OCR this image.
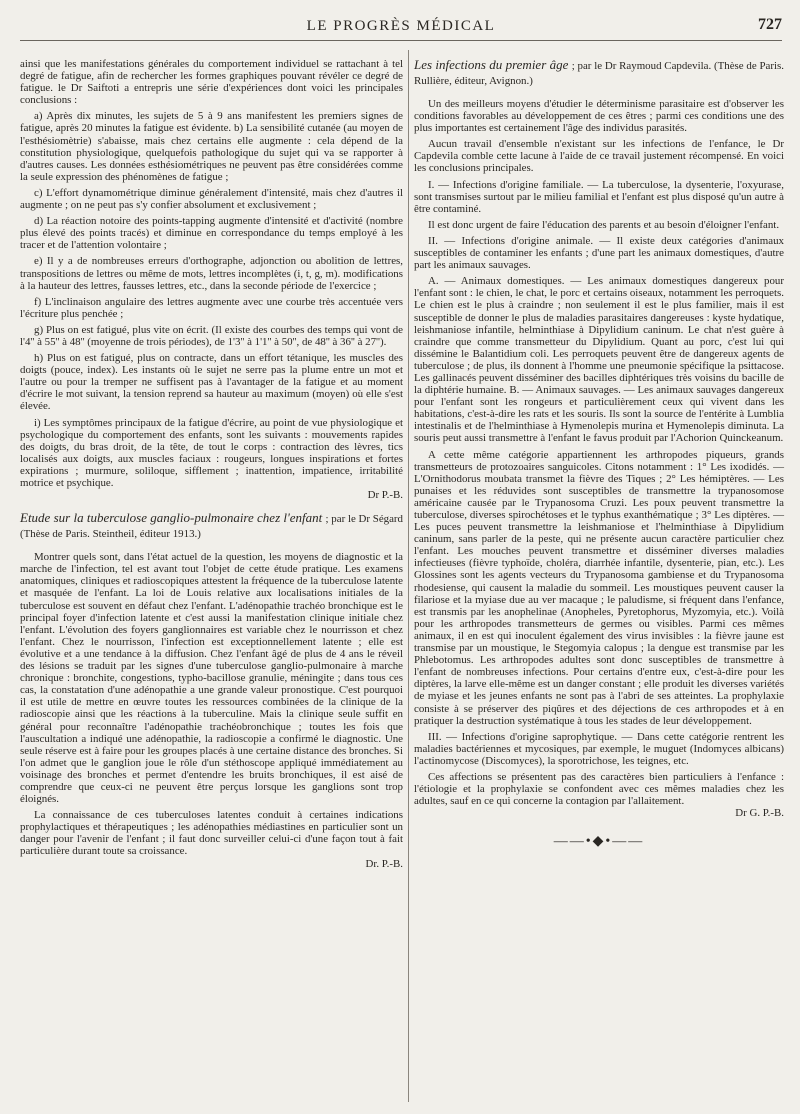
LE PROGRÈS MÉDICAL	727

ainsi que les manifestations générales du comportement individuel se rattachant à tel degré de fatigue, afin de rechercher les formes graphiques pouvant révéler ce degré de fatigue. le Dr Saiftoti a entrepris une série d'expériences dont voici les principales conclusions :

a) Après dix minutes, les sujets de 5 à 9 ans manifestent les premiers signes de fatigue, après 20 minutes la fatigue est évidente. b) La sensibilité cutanée (au moyen de l'esthésiomètrie) s'abaisse, mais chez certains elle augmente : cela dépend de la constitution physiologique, quelquefois pathologique du sujet qui va se rapporter à d'autres causes. Les données esthésiométriques ne peuvent pas être considérées comme la seule expression des phénomènes de fatigue ;

c) L'effort dynamométrique diminue généralement d'intensité, mais chez d'autres il augmente ; on ne peut pas s'y confier absolument et exclusivement ;

d) La réaction notoire des points-tapping augmente d'intensité et d'activité (nombre plus élevé des points tracés) et diminue en correspondance du temps employé à les tracer et de l'attention volontaire ;

e) Il y a de nombreuses erreurs d'orthographe, adjonction ou abolition de lettres, transpositions de lettres ou même de mots, lettres incomplètes (i, t, g, m). modifications à la hauteur des lettres, fausses lettres, etc., dans la seconde période de l'exercice ;

f) L'inclinaison angulaire des lettres augmente avec une courbe très accentuée vers l'écriture plus penchée ;

g) Plus on est fatigué, plus vite on écrit. (Il existe des courbes des temps qui vont de l'4'' à 55'' à 48'' (moyenne de trois périodes), de 1'3'' à 1'1'' à 50'', de 48'' à 36'' à 27'').

h) Plus on est fatigué, plus on contracte, dans un effort tétanique, les muscles des doigts (pouce, index). Les instants où le sujet ne serre pas la plume entre un mot et l'autre ou pour la tremper ne suffisent pas à l'avantager de la fatigue et au moment d'écrire le mot suivant, la tension reprend sa hauteur au maximum (moyen) où elle s'est élevée.

i) Les symptômes principaux de la fatigue d'écrire, au point de vue physiologique et psychologique du comportement des enfants, sont les suivants : mouvements rapides des doigts, du bras droit, de la tête, de tout le corps : contraction des lèvres, tics localisés aux doigts, aux muscles faciaux : rougeurs, longues inspirations et fortes expirations ; murmure, soliloque, sifflement ; inattention, impatience, irritabilité motrice et psychique.

Dr P.-B.

Etude sur la tuberculose ganglio-pulmonaire chez l'enfant ; par le Dr Ségard (Thèse de Paris. Steintheil, éditeur 1913.)

Montrer quels sont, dans l'état actuel de la question, les moyens de diagnostic et la marche de l'infection, tel est avant tout l'objet de cette étude pratique. Les examens anatomiques, cliniques et radioscopiques attestent la fréquence de la tuberculose latente et masquée de l'enfant. La loi de Louis relative aux localisations initiales de la tuberculose est souvent en défaut chez l'enfant. L'adénopathie trachéo bronchique est le principal foyer d'infection latente et c'est aussi la manifestation clinique initiale chez l'enfant. L'évolution des foyers ganglionnaires est variable chez le nourrisson et chez l'enfant. Chez le nourrisson, l'infection est exceptionnellement latente ; elle est évolutive et a une tendance à la diffusion. Chez l'enfant âgé de plus de 4 ans le réveil des lésions se traduit par les signes d'une tuberculose ganglio-pulmonaire à marche chronique : bronchite, congestions, typho-bacillose granulie, méningite ; dans tous ces cas, la constatation d'une adénopathie a une grande valeur pronostique. C'est pourquoi il est utile de mettre en œuvre toutes les ressources combinées de la clinique de la radioscopie ainsi que les réactions à la tuberculine. Mais la clinique seule suffit en général pour reconnaître l'adénopathie trachéobronchique ; toutes les fois que l'auscultation a indiqué une adénopathie, la radioscopie a confirmé le diagnostic. Une seule réserve est à faire pour les groupes placés à une certaine distance des bronches. Si l'on admet que le ganglion joue le rôle d'un stéthoscope appliqué immédiatement au voisinage des bronches et permet d'entendre les bruits bronchiques, il est aisé de comprendre que ceux-ci ne peuvent être perçus lorsque les ganglions sont trop éloignés.

La connaissance de ces tuberculoses latentes conduit à certaines indications prophylactiques et thérapeutiques ; les adénopathies médiastines en particulier sont un danger pour l'avenir de l'enfant ; il faut donc surveiller celui-ci d'une façon tout à fait particulière durant toute sa croissance.

Dr. P.-B.

Les infections du premier âge ; par le Dr Raymoud Capdevila. (Thèse de Paris. Rullière, éditeur, Avignon.)

Un des meilleurs moyens d'étudier le déterminisme parasitaire est d'observer les conditions favorables au développement de ces êtres ; parmi ces conditions une des plus importantes est certainement l'âge des individus parasités.

Aucun travail d'ensemble n'existant sur les infections de l'enfance, le Dr Capdevila comble cette lacune à l'aide de ce travail justement récompensé. En voici les conclusions principales.

I. — Infections d'origine familiale. — La tuberculose, la dysenterie, l'oxyurase, sont transmises surtout par le milieu familial et l'enfant est plus disposé qu'un autre à être contaminé.

Il est donc urgent de faire l'éducation des parents et au besoin d'éloigner l'enfant.

II. — Infections d'origine animale. — Il existe deux catégories d'animaux susceptibles de contaminer les enfants ; d'une part les animaux domestiques, d'autre part les animaux sauvages.

A. — Animaux domestiques. — Les animaux domestiques dangereux pour l'enfant sont : le chien, le chat, le porc et certains oiseaux, notamment les perroquets. Le chien est le plus à craindre ; non seulement il est le plus familier, mais il est susceptible de donner le plus de maladies parasitaires dangereuses : kyste hydatique, leishmaniose infantile, helminthiase à Dipylidium caninum. Le chat n'est guère à craindre que comme transmetteur du Dipylidium. Quant au porc, c'est lui qui dissémine le Balantidium coli. Les perroquets peuvent être de dangereux agents de tuberculose ; de plus, ils donnent à l'homme une pneumonie spécifique la psittacose. Les gallinacés peuvent disséminer des bacilles diphtériques très voisins du bacille de la diphtérie humaine. B. — Animaux sauvages. — Les animaux sauvages dangereux pour l'enfant sont les rongeurs et particulièrement ceux qui vivent dans les habitations, c'est-à-dire les rats et les souris. Ils sont la source de l'entérite à Lumblia intestinalis et de l'helminthiase à Hymenolepis murina et Hymenolepis diminuta. La souris peut aussi transmettre à l'enfant le favus produit par l'Achorion Quinckeanum.

A cette même catégorie appartiennent les arthropodes piqueurs, grands transmetteurs de protozoaires sanguicoles. Citons notamment : 1° Les ixodidés. — L'Ornithodorus moubata transmet la fièvre des Tiques ; 2° Les hémiptères. — Les punaises et les réduvides sont susceptibles de transmettre la trypanosomose américaine causée par le Trypanosoma Cruzi. Les poux peuvent transmettre la tuberculose, diverses spirochétoses et le typhus exanthématique ; 3° Les diptères. — Les puces peuvent transmettre la leishmaniose et l'helminthiase à Dipylidium caninum, sans parler de la peste, qui ne présente aucun caractère particulier chez l'enfant. Les mouches peuvent transmettre et disséminer diverses maladies infectieuses (fièvre typhoïde, choléra, diarrhée infantile, dysenterie, pian, etc.). Les Glossines sont les agents vecteurs du Trypanosoma gambiense et du Trypanosoma rhodesiense, qui causent la maladie du sommeil. Les moustiques peuvent causer la filariose et la myiase due au ver macaque ; le paludisme, si fréquent dans l'enfance, est transmis par les anophelinae (Anopheles, Pyretophorus, Myzomyia, etc.). Voilà pour les arthropodes transmetteurs de germes ou visibles. Parmi ces mêmes animaux, il en est qui inoculent également des virus invisibles : la fièvre jaune est transmise par un moustique, le Stegomyia calopus ; la dengue est transmise par les Phlebotomus. Les arthropodes adultes sont donc susceptibles de transmettre à l'enfant de nombreuses infections. Pour certains d'entre eux, c'est-à-dire pour les diptères, la larve elle-même est un danger constant ; elle produit les diverses variétés de myiase et les jeunes enfants ne sont pas à l'abri de ses atteintes. La prophylaxie consiste à se préserver des piqûres et des déjections de ces arthropodes et à en pratiquer la destruction systématique à tous les stades de leur développement.

III. — Infections d'origine saprophytique. — Dans cette catégorie rentrent les maladies bactériennes et mycosiques, par exemple, le muguet (Indomyces albicans) l'actinomycose (Discomyces), la sporotrichose, les teignes, etc.

Ces affections se présentent pas des caractères bien particuliers à l'enfance : l'étiologie et la prophylaxie se confondent avec ces mêmes maladies chez les adultes, sauf en ce qui concerne la contagion par l'allaitement.

Dr G. P.-B.
——•◆•——
